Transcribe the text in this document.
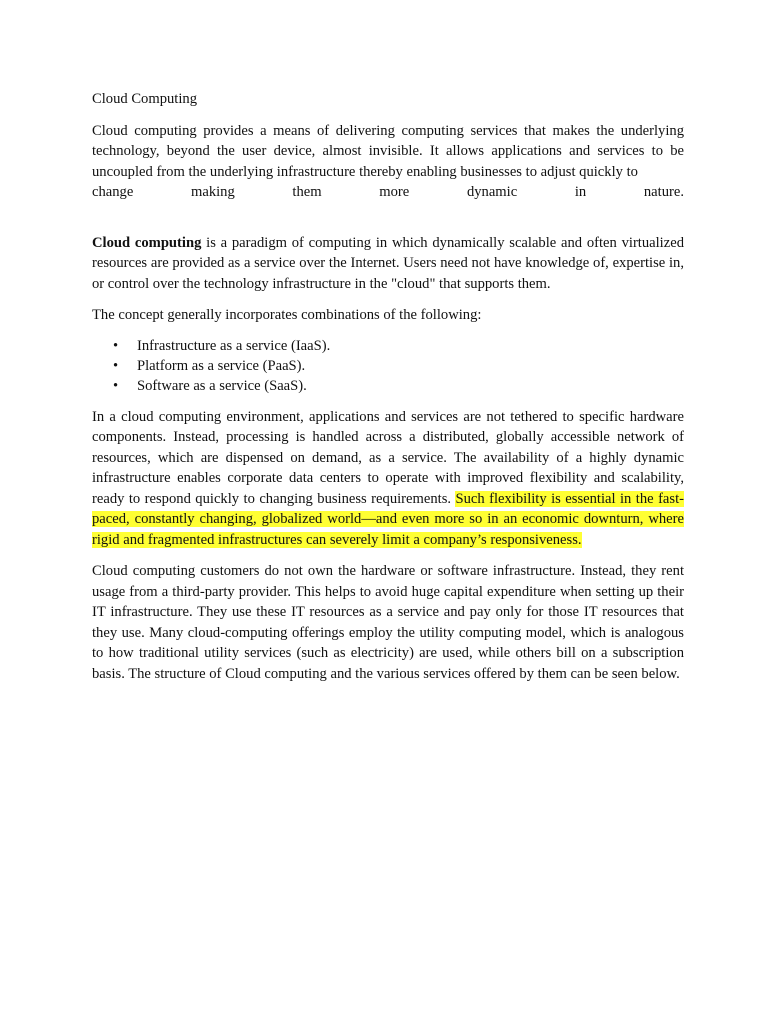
Cloud Computing

Cloud computing provides a means of delivering computing services that makes the underlying technology, beyond the user device, almost invisible. It allows applications and services to be uncoupled from the underlying infrastructure thereby enabling businesses to adjust quickly to
change making them more dynamic in nature.

Cloud computing is a paradigm of computing in which dynamically scalable and often virtualized resources are provided as a service over the Internet. Users need not have knowledge of, expertise in, or control over the technology infrastructure in the "cloud" that supports them.

The concept generally incorporates combinations of the following:

• Infrastructure as a service (IaaS).
• Platform as a service (PaaS).
• Software as a service (SaaS).

In a cloud computing environment, applications and services are not tethered to specific hardware components. Instead, processing is handled across a distributed, globally accessible network of resources, which are dispensed on demand, as a service. The availability of a highly dynamic infrastructure enables corporate data centers to operate with improved flexibility and scalability, ready to respond quickly to changing business requirements. Such flexibility is essential in the fast-paced, constantly changing, globalized world—and even more so in an economic downturn, where rigid and fragmented infrastructures can severely limit a company’s responsiveness.

Cloud computing customers do not own the hardware or software infrastructure. Instead, they rent usage from a third-party provider. This helps to avoid huge capital expenditure when setting up their IT infrastructure. They use these IT resources as a service and pay only for those IT resources that they use. Many cloud-computing offerings employ the utility computing model, which is analogous to how traditional utility services (such as electricity) are used, while others bill on a subscription basis. The structure of Cloud computing and the various services offered by them can be seen below.
